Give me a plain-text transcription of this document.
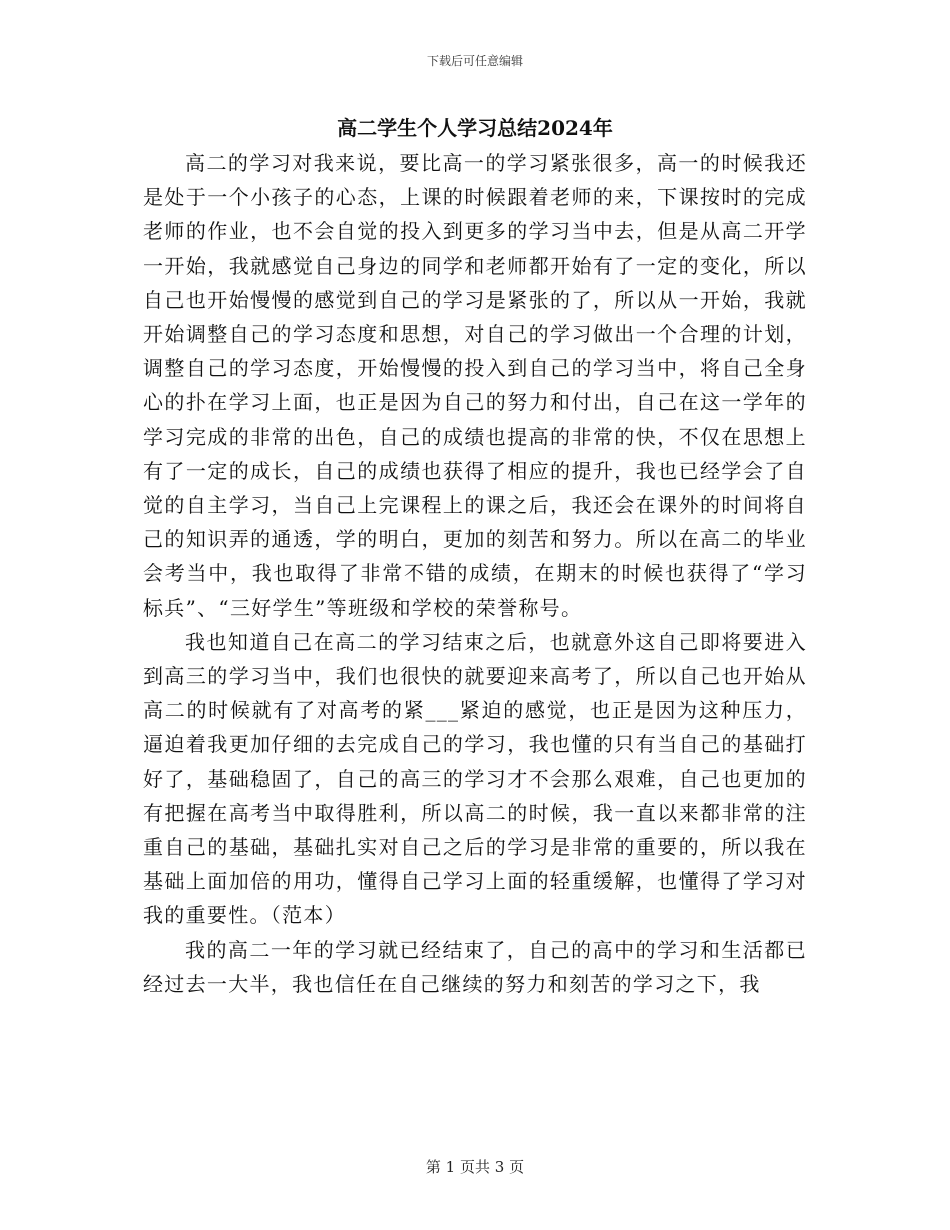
下载后可任意编辑
高二学生个人学习总结2024年

高二的学习对我来说，要比高一的学习紧张很多，高一的时候我还是处于一个小孩子的心态，上课的时候跟着老师的来，下课按时的完成老师的作业，也不会自觉的投入到更多的学习当中去，但是从高二开学一开始，我就感觉自己身边的同学和老师都开始有了一定的变化，所以自己也开始慢慢的感觉到自己的学习是紧张的了，所以从一开始，我就开始调整自己的学习态度和思想，对自己的学习做出一个合理的计划，调整自己的学习态度，开始慢慢的投入到自己的学习当中，将自己全身心的扑在学习上面，也正是因为自己的努力和付出，自己在这一学年的学习完成的非常的出色，自己的成绩也提高的非常的快，不仅在思想上有了一定的成长，自己的成绩也获得了相应的提升，我也已经学会了自觉的自主学习，当自己上完课程上的课之后，我还会在课外的时间将自己的知识弄的通透，学的明白，更加的刻苦和努力。所以在高二的毕业会考当中，我也取得了非常不错的成绩，在期末的时候也获得了“学习标兵”、“三好学生”等班级和学校的荣誉称号。

我也知道自己在高二的学习结束之后，也就意外这自己即将要进入到高三的学习当中，我们也很快的就要迎来高考了，所以自己也开始从高二的时候就有了对高考的紧___紧迫的感觉，也正是因为这种压力，逼迫着我更加仔细的去完成自己的学习，我也懂的只有当自己的基础打好了，基础稳固了，自己的高三的学习才不会那么艰难，自己也更加的有把握在高考当中取得胜利，所以高二的时候，我一直以来都非常的注重自己的基础，基础扎实对自己之后的学习是非常的重要的，所以我在基础上面加倍的用功，懂得自己学习上面的轻重缓解，也懂得了学习对我的重要性。（范本）

我的高二一年的学习就已经结束了，自己的高中的学习和生活都已经过去一大半，我也信任在自己继续的努力和刻苦的学习之下，我

第 1 页共 3 页
